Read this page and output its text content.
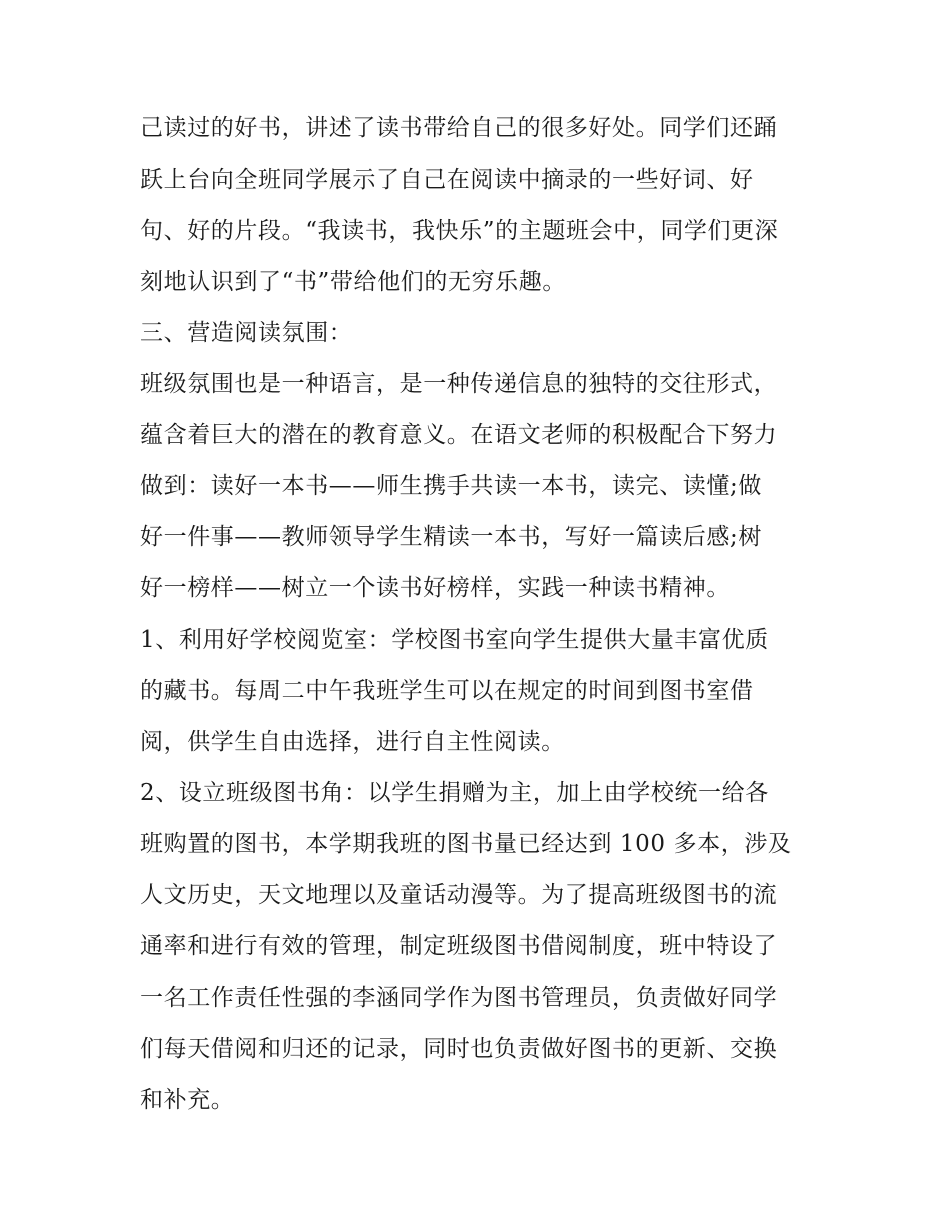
己读过的好书，讲述了读书带给自己的很多好处。同学们还踊

跃上台向全班同学展示了自己在阅读中摘录的一些好词、好

句、好的片段。“我读书，我快乐”的主题班会中，同学们更深

刻地认识到了“书”带给他们的无穷乐趣。

三、营造阅读氛围：

班级氛围也是一种语言，是一种传递信息的独特的交往形式，

蕴含着巨大的潜在的教育意义。在语文老师的积极配合下努力

做到：读好一本书——师生携手共读一本书，读完、读懂;做

好一件事——教师领导学生精读一本书，写好一篇读后感;树

好一榜样——树立一个读书好榜样，实践一种读书精神。

1、利用好学校阅览室：学校图书室向学生提供大量丰富优质

的藏书。每周二中午我班学生可以在规定的时间到图书室借

阅，供学生自由选择，进行自主性阅读。

2、设立班级图书角：以学生捐赠为主，加上由学校统一给各

班购置的图书，本学期我班的图书量已经达到 100 多本，涉及

人文历史，天文地理以及童话动漫等。为了提高班级图书的流

通率和进行有效的管理，制定班级图书借阅制度，班中特设了

一名工作责任性强的李涵同学作为图书管理员，负责做好同学

们每天借阅和归还的记录，同时也负责做好图书的更新、交换

和补充。
